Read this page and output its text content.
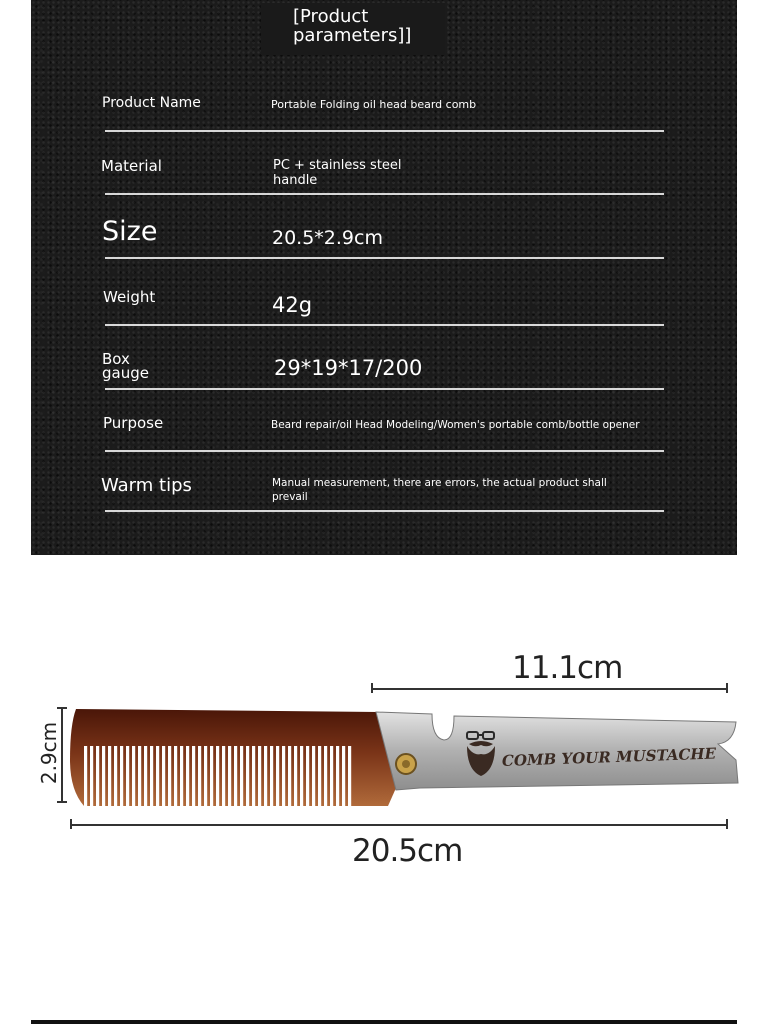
[Product parameters]]
Product Name	Portable Folding oil head beard comb
Material	PC + stainless steel handle
Size	20.5*2.9cm
Weight	42g
Box gauge	29*19*17/200
Purpose	Beard repair/oil Head Modeling/Women's portable comb/bottle opener
Warm tips	Manual measurement, there are errors, the actual product shall prevail
11.1cm
2.9cm	COMB YOUR MUSTACHE
20.5cm
